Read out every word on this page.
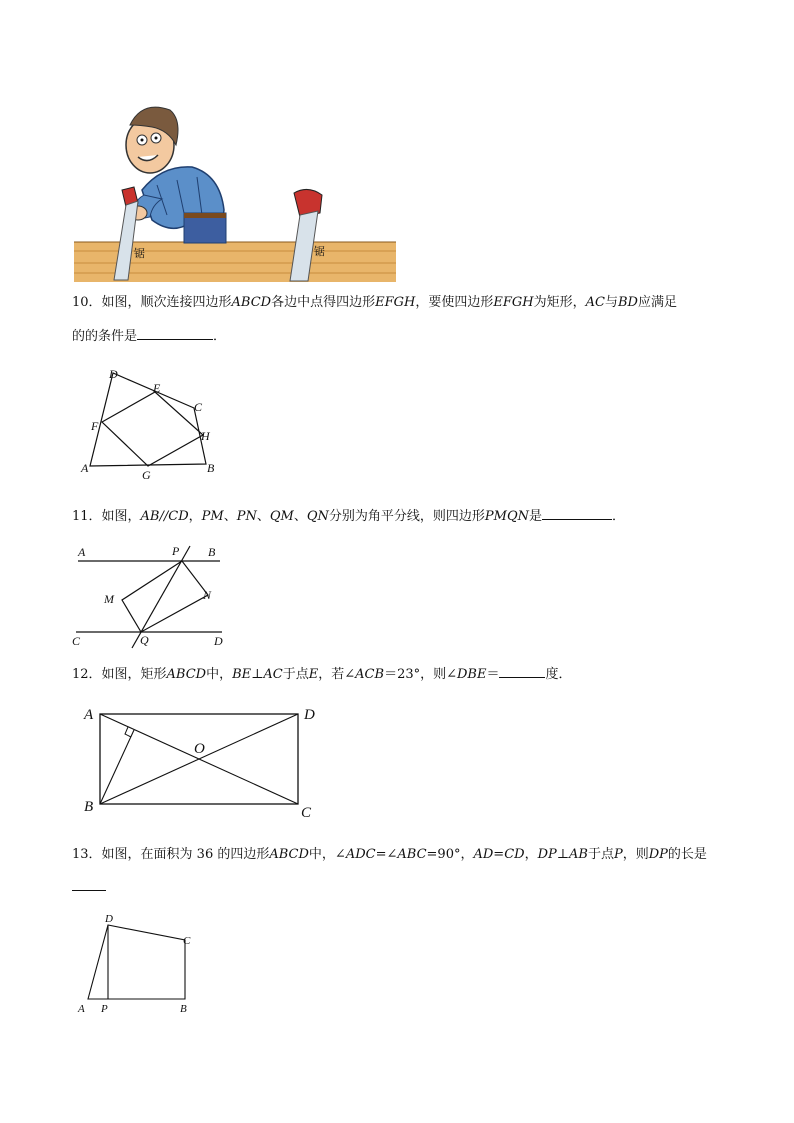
锯	锯
10．如图，顺次连接四边形ABCD各边中点得四边形EFGH，要使四边形EFGH为矩形，AC与BD应满足
的的条件是	．
A	B
C
D
E
F
G
H
11．如图，AB//CD，PM、PN、QM、QN分别为角平分线，则四边形PMQN是	．
A	B
C	D
P
Q
M	N
12．如图，矩形ABCD中，BE⊥AC于点E，若∠ACB＝23°，则∠DBE＝	度．
A
B	C
D
O
13．如图，在面积为 36 的四边形ABCD中，∠ADC=∠ABC=90°，AD=CD，DP⊥AB于点P，则DP的长是
A P	B
C
D
